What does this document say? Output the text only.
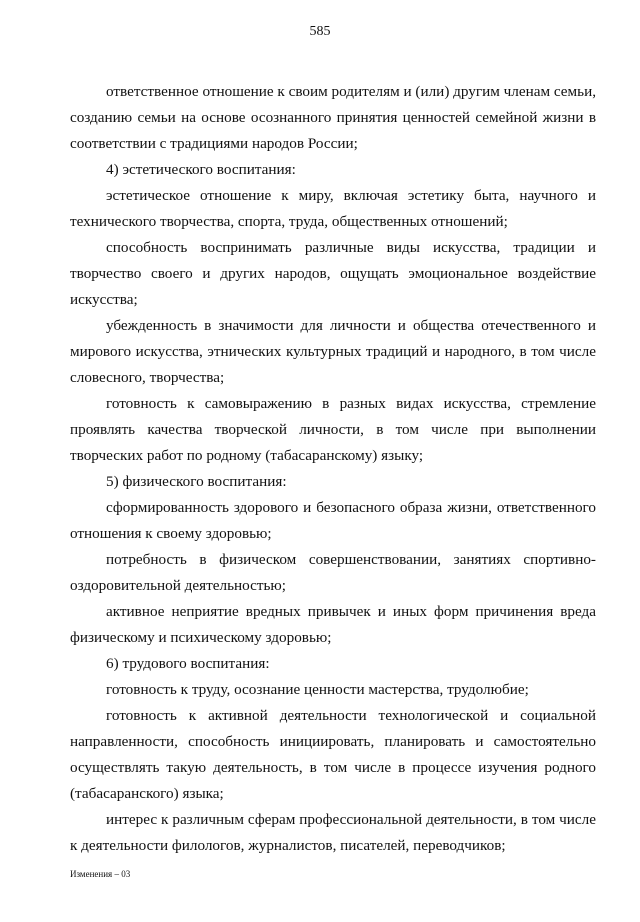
585

ответственное отношение к своим родителям и (или) другим членам семьи, созданию семьи на основе осознанного принятия ценностей семейной жизни в соответствии с традициями народов России;

4) эстетического воспитания:

эстетическое отношение к миру, включая эстетику быта, научного и технического творчества, спорта, труда, общественных отношений;

способность воспринимать различные виды искусства, традиции и творчество своего и других народов, ощущать эмоциональное воздействие искусства;

убежденность в значимости для личности и общества отечественного и мирового искусства, этнических культурных традиций и народного, в том числе словесного, творчества;

готовность к самовыражению в разных видах искусства, стремление проявлять качества творческой личности, в том числе при выполнении творческих работ по родному (табасаранскому) языку;

5) физического воспитания:

сформированность здорового и безопасного образа жизни, ответственного отношения к своему здоровью;

потребность в физическом совершенствовании, занятиях спортивно-оздоровительной деятельностью;

активное неприятие вредных привычек и иных форм причинения вреда физическому и психическому здоровью;

6) трудового воспитания:

готовность к труду, осознание ценности мастерства, трудолюбие;

готовность к активной деятельности технологической и социальной направленности, способность инициировать, планировать и самостоятельно осуществлять такую деятельность, в том числе в процессе изучения родного (табасаранского) языка;

интерес к различным сферам профессиональной деятельности, в том числе к деятельности филологов, журналистов, писателей, переводчиков;

Изменения – 03
